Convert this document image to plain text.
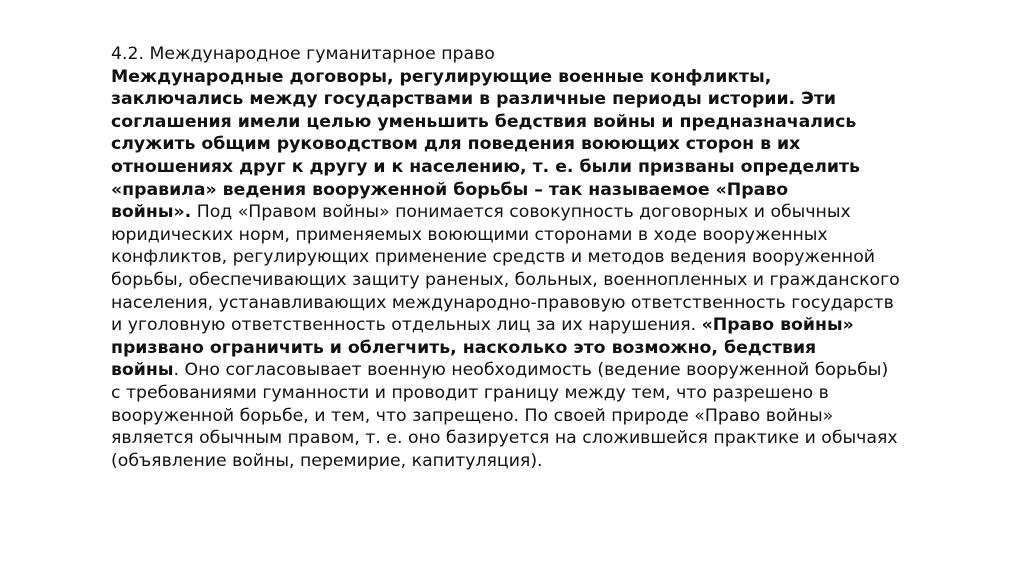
4.2. Международное гуманитарное право
Международные договоры, регулирующие военные конфликты,
заключались между государствами в различные периоды истории. Эти
соглашения имели целью уменьшить бедствия войны и предназначались
служить общим руководством для поведения воюющих сторон в их
отношениях друг к другу и к населению, т. е. были призваны определить
«правила» ведения вооруженной борьбы – так называемое «Право
войны». Под «Правом войны» понимается совокупность договорных и обычных
юридических норм, применяемых воюющими сторонами в ходе вооруженных
конфликтов, регулирующих применение средств и методов ведения вооруженной
борьбы, обеспечивающих защиту раненых, больных, военнопленных и гражданского
населения, устанавливающих международно-правовую ответственность государств
и уголовную ответственность отдельных лиц за их нарушения. «Право войны»
призвано ограничить и облегчить, насколько это возможно, бедствия
войны. Оно согласовывает военную необходимость (ведение вооруженной борьбы)
с требованиями гуманности и проводит границу между тем, что разрешено в
вооруженной борьбе, и тем, что запрещено. По своей природе «Право войны»
является обычным правом, т. е. оно базируется на сложившейся практике и обычаях
(объявление войны, перемирие, капитуляция).
